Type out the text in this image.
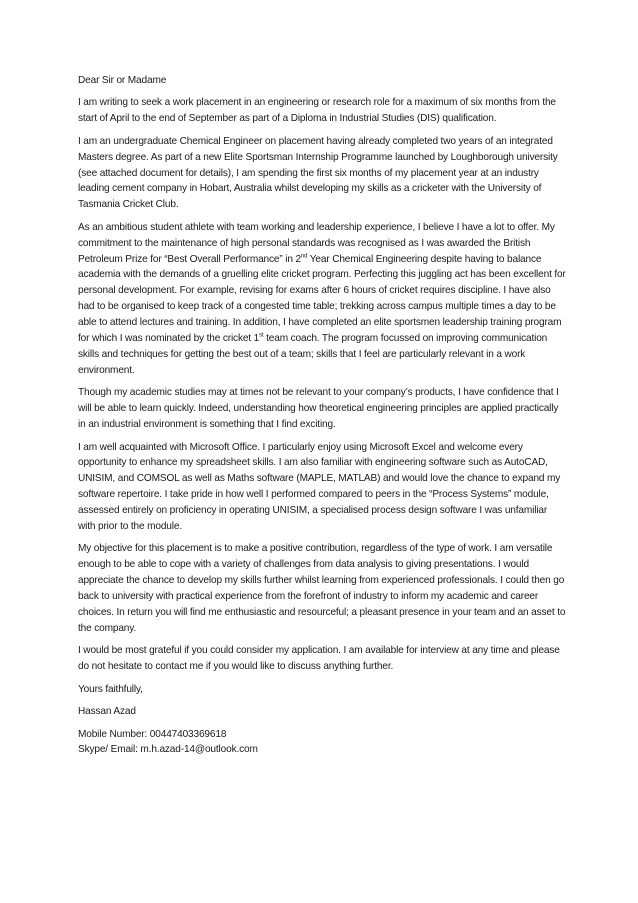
Dear Sir or Madame

I am writing to seek a work placement in an engineering or research role for a maximum of six months from the start of April to the end of September as part of a Diploma in Industrial Studies (DIS) qualification.

I am an undergraduate Chemical Engineer on placement having already completed two years of an integrated Masters degree. As part of a new Elite Sportsman Internship Programme launched by Loughborough university (see attached document for details), I am spending the first six months of my placement year at an industry leading cement company in Hobart, Australia whilst developing my skills as a cricketer with the University of Tasmania Cricket Club.

As an ambitious student athlete with team working and leadership experience, I believe I have a lot to offer. My commitment to the maintenance of high personal standards was recognised as I was awarded the British Petroleum Prize for “Best Overall Performance” in 2nd Year Chemical Engineering despite having to balance academia with the demands of a gruelling elite cricket program. Perfecting this juggling act has been excellent for personal development. For example, revising for exams after 6 hours of cricket requires discipline. I have also had to be organised to keep track of a congested time table; trekking across campus multiple times a day to be able to attend lectures and training. In addition, I have completed an elite sportsmen leadership training program for which I was nominated by the cricket 1st team coach. The program focussed on improving communication skills and techniques for getting the best out of a team; skills that I feel are particularly relevant in a work environment.

Though my academic studies may at times not be relevant to your company’s products, I have confidence that I will be able to learn quickly. Indeed, understanding how theoretical engineering principles are applied practically in an industrial environment is something that I find exciting.

I am well acquainted with Microsoft Office. I particularly enjoy using Microsoft Excel and welcome every opportunity to enhance my spreadsheet skills. I am also familiar with engineering software such as AutoCAD, UNISIM, and COMSOL as well as Maths software (MAPLE, MATLAB) and would love the chance to expand my software repertoire. I take pride in how well I performed compared to peers in the “Process Systems” module, assessed entirely on proficiency in operating UNISIM, a specialised process design software I was unfamiliar with prior to the module.

My objective for this placement is to make a positive contribution, regardless of the type of work. I am versatile enough to be able to cope with a variety of challenges from data analysis to giving presentations. I would appreciate the chance to develop my skills further whilst learning from experienced professionals. I could then go back to university with practical experience from the forefront of industry to inform my academic and career choices. In return you will find me enthusiastic and resourceful; a pleasant presence in your team and an asset to the company.

I would be most grateful if you could consider my application. I am available for interview at any time and please do not hesitate to contact me if you would like to discuss anything further.

Yours faithfully,

Hassan Azad

Mobile Number: 00447403369618
Skype/ Email: m.h.azad-14@outlook.com
